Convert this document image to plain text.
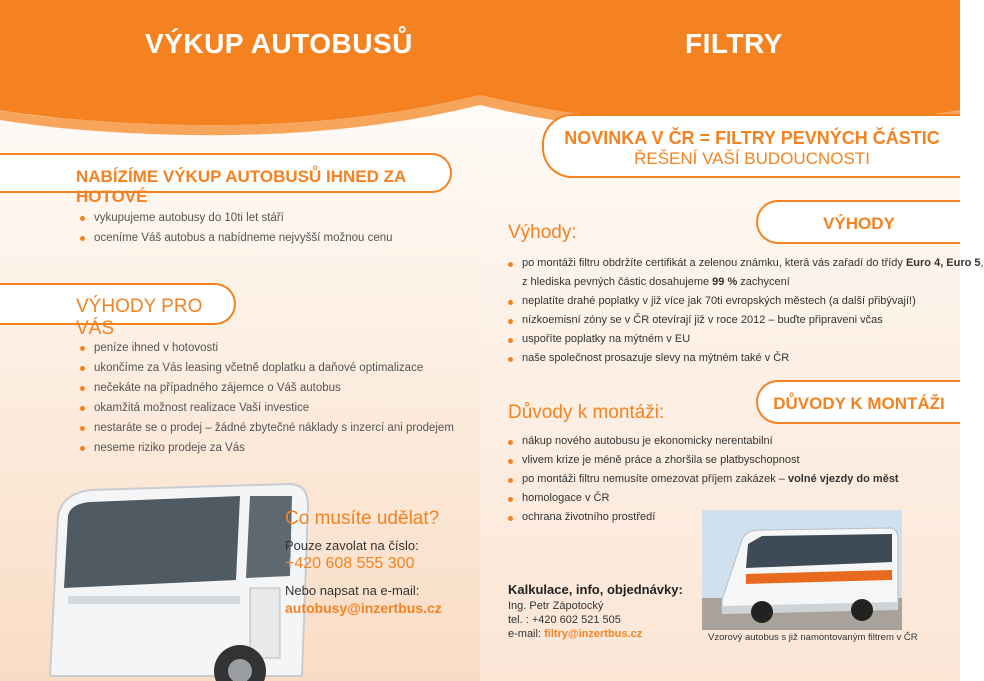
VÝKUP AUTOBUSŮ
NABÍZÍME VÝKUP AUTOBUSŮ IHNED ZA HOTOVÉ
vykupujeme autobusy do 10ti let stáří
oceníme Váš autobus a nabídneme nejvyšší možnou cenu
VÝHODY PRO VÁS
peníze ihned v hotovosti
ukončíme za Vás leasing včetně doplatku a daňové optimalizace
nečekáte na případného zájemce o Váš autobus
okamžitá možnost realizace Vaší investice
nestaráte se o prodej – žádné zbytečné náklady s inzercí ani prodejem
neseme riziko prodeje za Vás
Co musíte udělat?
Pouze zavolat na číslo:
+420 608 555 300
Nebo napsat na e-mail:
autobusy@inzertbus.cz
FILTRY
NOVINKA V ČR = FILTRY PEVNÝCH ČÁSTIC
ŘEŠENÍ VAŠÍ BUDOUCNOSTI
VÝHODY
Výhody:
po montáži filtru obdržíte certifikát a zelenou známku, která vás zařadí do třídy Euro 4, Euro 5,
z hlediska pevných částic dosahujeme 99 % zachycení
neplatíte drahé poplatky v již více jak 70ti evropských městech (a další přibývají!)
nízkoemisní zóny se v ČR otevírají již v roce 2012 – buďte připraveni včas
uspoříte poplatky na mýtném v EU
naše společnost prosazuje slevy na mýtném také v ČR
DŮVODY K MONTÁŽI
Důvody k montáži:
nákup nového autobusu je ekonomicky nerentabilní
vlivem krize je méně práce a zhoršila se platbyschopnost
po montáži filtru nemusíte omezovat příjem zakázek – volné vjezdy do měst
homologace v ČR
ochrana životního prostředí
Kalkulace, info, objednávky:
Ing. Petr Zápotocký
tel. : +420 602 521 505
e-mail: filtry@inzertbus.cz	Vzorový autobus s již namontovaným filtrem v ČR
